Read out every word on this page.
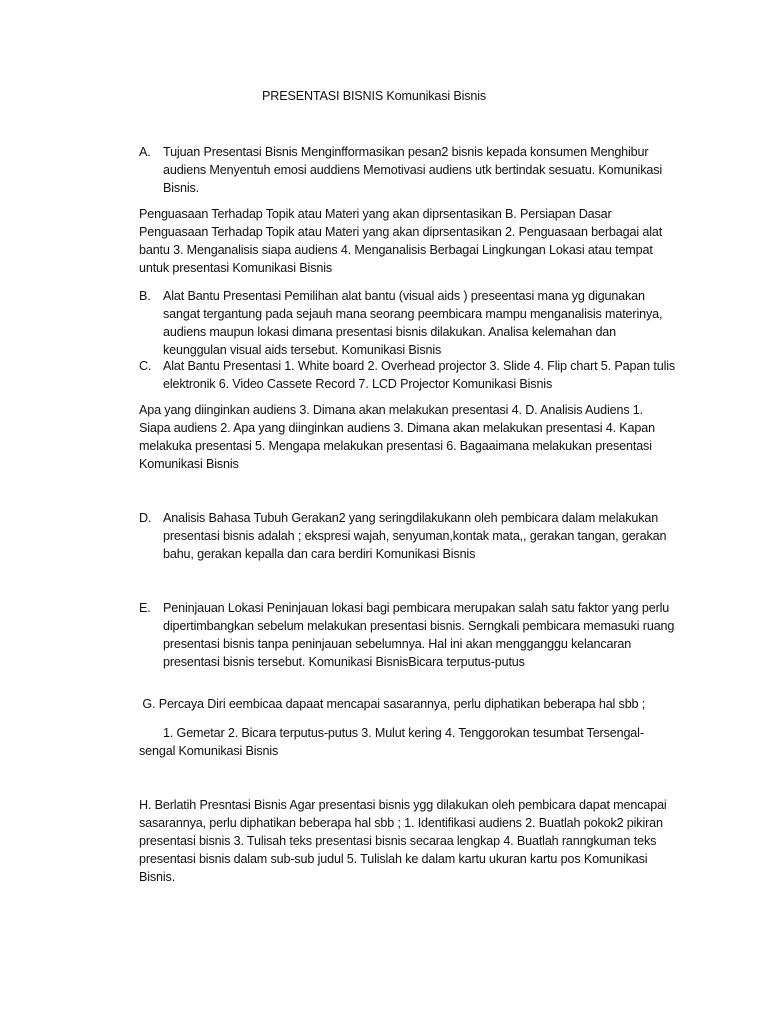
PRESENTASI BISNIS Komunikasi Bisnis
A. Tujuan Presentasi Bisnis Menginfformasikan pesan2 bisnis kepada konsumen Menghibur audiens Menyentuh emosi auddiens Memotivasi audiens utk bertindak sesuatu. Komunikasi Bisnis.
Penguasaan Terhadap Topik atau Materi yang akan diprsentasikan B. Persiapan Dasar Penguasaan Terhadap Topik atau Materi yang akan diprsentasikan 2. Penguasaan berbagai alat bantu 3. Menganalisis siapa audiens 4. Menganalisis Berbagai Lingkungan Lokasi atau tempat untuk presentasi Komunikasi Bisnis
B. Alat Bantu Presentasi Pemilihan alat bantu (visual aids ) preseentasi mana yg digunakan sangat tergantung pada sejauh mana seorang peembicara mampu menganalisis materinya, audiens maupun lokasi dimana presentasi bisnis dilakukan. Analisa kelemahan dan keunggulan visual aids tersebut. Komunikasi Bisnis
C. Alat Bantu Presentasi 1. White board 2. Overhead projector 3. Slide 4. Flip chart 5. Papan tulis elektronik 6. Video Cassete Record 7. LCD Projector Komunikasi Bisnis
Apa yang diinginkan audiens 3. Dimana akan melakukan presentasi 4. D. Analisis Audiens 1. Siapa audiens 2. Apa yang diinginkan audiens 3. Dimana akan melakukan presentasi 4. Kapan melakuka presentasi 5. Mengapa melakukan presentasi 6. Bagaaimana melakukan presentasi Komunikasi Bisnis
D. Analisis Bahasa Tubuh Gerakan2 yang seringdilakukann oleh pembicara dalam melakukan presentasi bisnis adalah ; ekspresi wajah, senyuman,kontak mata,, gerakan tangan, gerakan bahu, gerakan kepalla dan cara berdiri Komunikasi Bisnis
E. Peninjauan Lokasi Peninjauan lokasi bagi pembicara merupakan salah satu faktor yang perlu dipertimbangkan sebelum melakukan presentasi bisnis. Serngkali pembicara memasuki ruang presentasi bisnis tanpa peninjauan sebelumnya. Hal ini akan mengganggu kelancaran presentasi bisnis tersebut. Komunikasi BisnisBicara terputus-putus
G. Percaya Diri eembicaa dapaat mencapai sasarannya, perlu diphatikan beberapa hal sbb ;
1. Gemetar 2. Bicara terputus-putus 3. Mulut kering 4. Tenggorokan tesumbat Tersengal-sengal Komunikasi Bisnis
H. Berlatih Presntasi Bisnis Agar presentasi bisnis ygg dilakukan oleh pembicara dapat mencapai sasarannya, perlu diphatikan beberapa hal sbb ; 1. Identifikasi audiens 2. Buatlah pokok2 pikiran presentasi bisnis 3. Tulisah teks presentasi bisnis secaraa lengkap 4. Buatlah ranngkuman teks presentasi bisnis dalam sub-sub judul 5. Tulislah ke dalam kartu ukuran kartu pos Komunikasi Bisnis.
